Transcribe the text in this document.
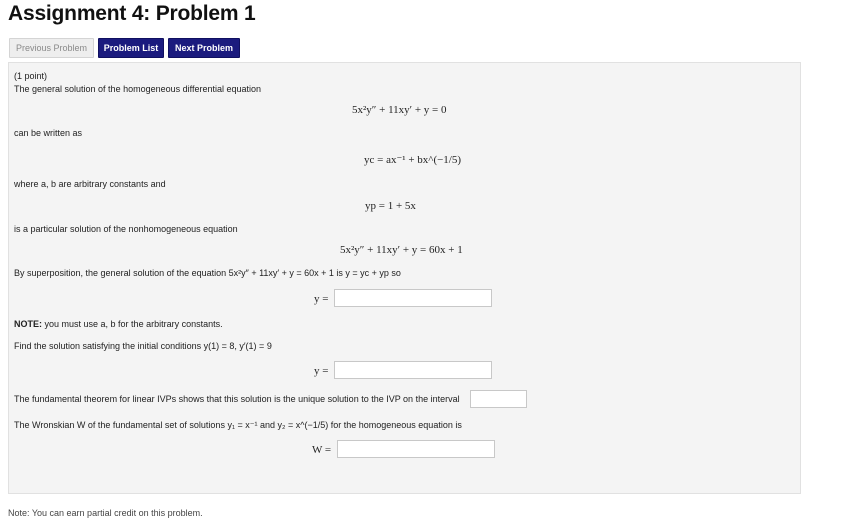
Assignment 4: Problem 1
Previous Problem	Problem List	Next Problem
(1 point)
The general solution of the homogeneous differential equation
5x²y″ + 11xy′ + y = 0
can be written as
yc = ax⁻¹ + bx^(−1/5)
where a, b are arbitrary constants and
yp = 1 + 5x
is a particular solution of the nonhomogeneous equation
5x²y″ + 11xy′ + y = 60x + 1
By superposition, the general solution of the equation 5x²y″ + 11xy′ + y = 60x + 1 is y = yc + yp so
y =
NOTE: you must use a, b for the arbitrary constants.
Find the solution satisfying the initial conditions y(1) = 8, y′(1) = 9
y =
The fundamental theorem for linear IVPs shows that this solution is the unique solution to the IVP on the interval
The Wronskian W of the fundamental set of solutions y₁ = x⁻¹ and y₂ = x^(−1/5) for the homogeneous equation is
W =
Note: You can earn partial credit on this problem.
